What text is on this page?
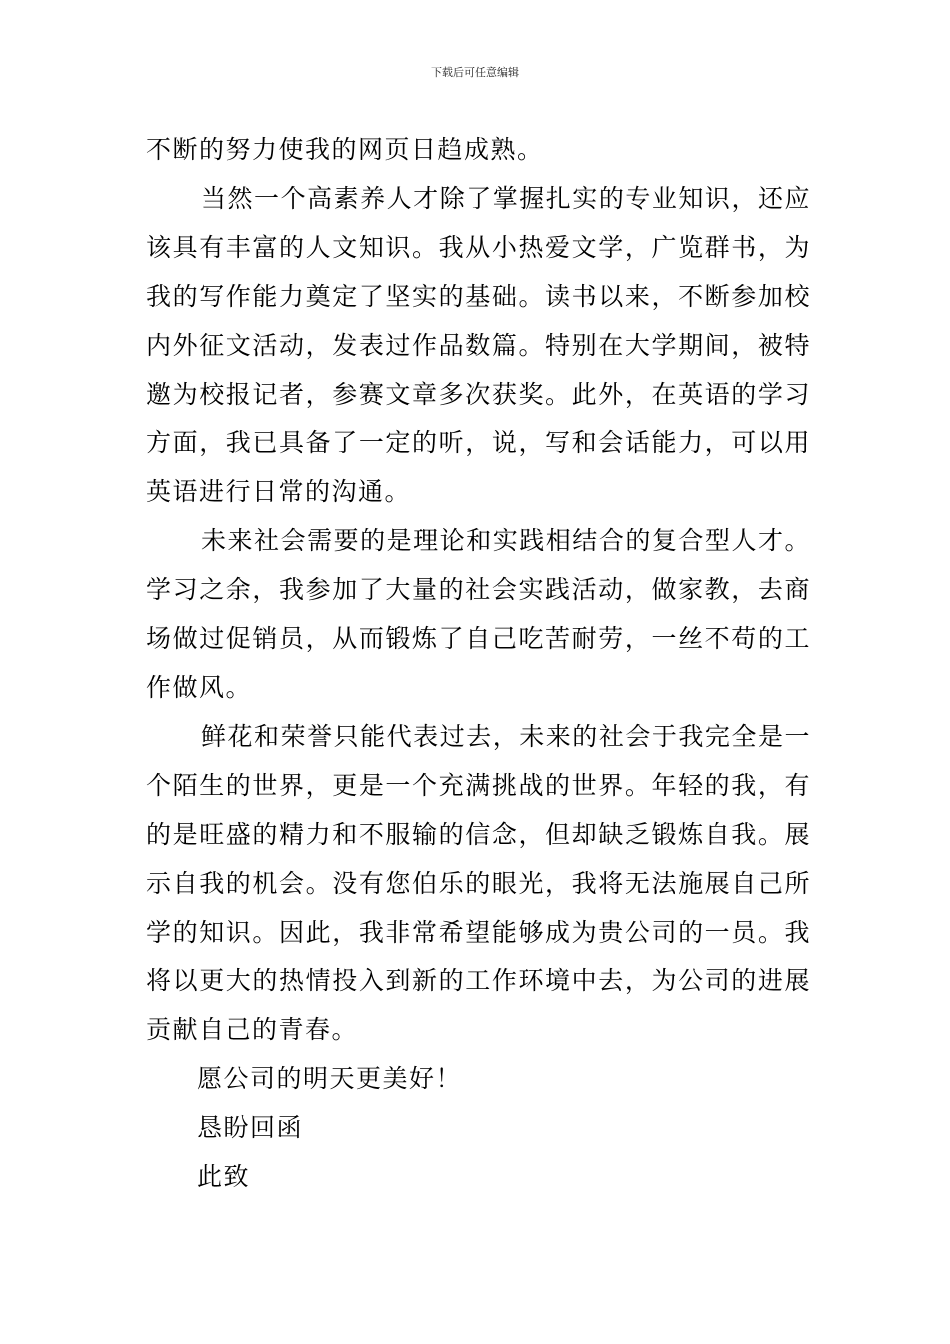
下载后可任意编辑

不断的努力使我的网页日趋成熟。

当然一个高素养人才除了掌握扎实的专业知识，还应该具有丰富的人文知识。我从小热爱文学，广览群书，为我的写作能力奠定了坚实的基础。读书以来，不断参加校内外征文活动，发表过作品数篇。特别在大学期间，被特邀为校报记者，参赛文章多次获奖。此外，在英语的学习方面，我已具备了一定的听，说，写和会话能力，可以用英语进行日常的沟通。

未来社会需要的是理论和实践相结合的复合型人才。学习之余，我参加了大量的社会实践活动，做家教，去商场做过促销员，从而锻炼了自己吃苦耐劳，一丝不苟的工作做风。

鲜花和荣誉只能代表过去，未来的社会于我完全是一个陌生的世界，更是一个充满挑战的世界。年轻的我，有的是旺盛的精力和不服输的信念，但却缺乏锻炼自我。展示自我的机会。没有您伯乐的眼光，我将无法施展自己所学的知识。因此，我非常希望能够成为贵公司的一员。我将以更大的热情投入到新的工作环境中去，为公司的进展贡献自己的青春。

愿公司的明天更美好！

恳盼回函

此致
